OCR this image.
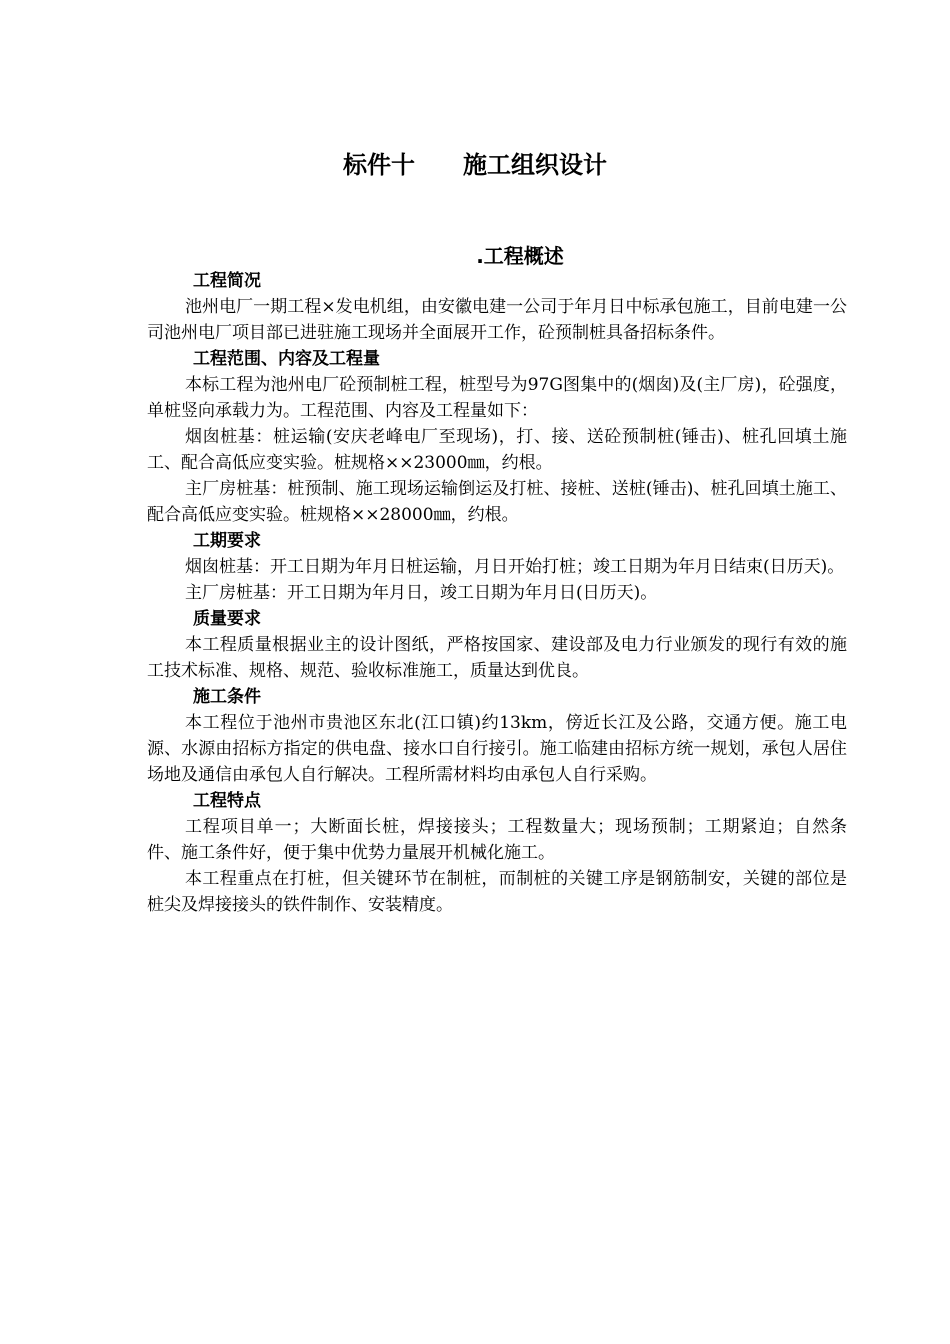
标件十 施工组织设计
.工程概述

工程简况

池州电厂一期工程×发电机组，由安徽电建一公司于年月日中标承包施工，目前电建一公司池州电厂项目部已进驻施工现场并全面展开工作，砼预制桩具备招标条件。

工程范围、内容及工程量

本标工程为池州电厂砼预制桩工程，桩型号为97G图集中的(烟囱)及(主厂房)，砼强度，单桩竖向承载力为。工程范围、内容及工程量如下：

烟囱桩基：桩运输(安庆老峰电厂至现场)，打、接、送砼预制桩(锤击)、桩孔回填土施工、配合高低应变实验。桩规格××23000㎜，约根。

主厂房桩基：桩预制、施工现场运输倒运及打桩、接桩、送桩(锤击)、桩孔回填土施工、配合高低应变实验。桩规格××28000㎜，约根。

工期要求

烟囱桩基：开工日期为年月日桩运输，月日开始打桩；竣工日期为年月日结束(日历天)。

主厂房桩基：开工日期为年月日，竣工日期为年月日(日历天)。

质量要求

本工程质量根据业主的设计图纸，严格按国家、建设部及电力行业颁发的现行有效的施工技术标准、规格、规范、验收标准施工，质量达到优良。

施工条件

本工程位于池州市贵池区东北(江口镇)约13km，傍近长江及公路，交通方便。施工电源、水源由招标方指定的供电盘、接水口自行接引。施工临建由招标方统一规划，承包人居住场地及通信由承包人自行解决。工程所需材料均由承包人自行采购。

工程特点

工程项目单一；大断面长桩，焊接接头；工程数量大；现场预制；工期紧迫；自然条件、施工条件好，便于集中优势力量展开机械化施工。

本工程重点在打桩，但关键环节在制桩，而制桩的关键工序是钢筋制安，关键的部位是桩尖及焊接接头的铁件制作、安装精度。
